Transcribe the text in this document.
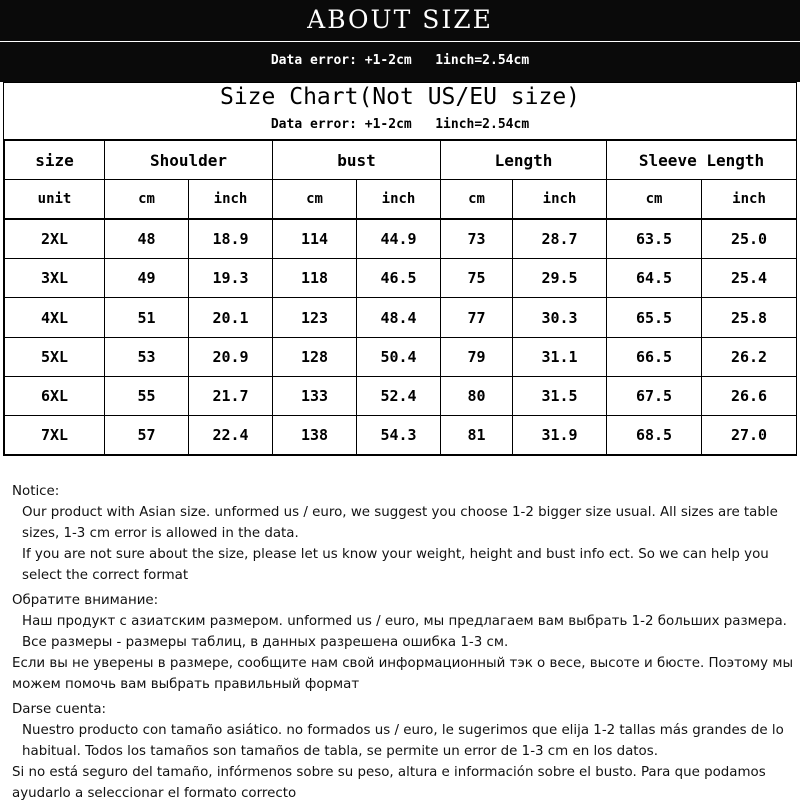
ABOUT SIZE
Data error: +1-2cm   1inch=2.54cm
Size Chart(Not US/EU size)
Data error: +1-2cm   1inch=2.54cm
size	Shoulder		bust		Length		Sleeve Length	
unit	cm	inch	cm	inch	cm	inch	cm	inch
2XL	48	18.9	114	44.9	73	28.7	63.5	25.0
3XL	49	19.3	118	46.5	75	29.5	64.5	25.4
4XL	51	20.1	123	48.4	77	30.3	65.5	25.8
5XL	53	20.9	128	50.4	79	31.1	66.5	26.2
6XL	55	21.7	133	52.4	80	31.5	67.5	26.6
7XL	57	22.4	138	54.3	81	31.9	68.5	27.0

Notice:

Our product with Asian size. unformed us / euro, we suggest you choose 1-2 bigger size usual. All sizes are table sizes, 1-3 cm error is allowed in the data.

If you are not sure about the size, please let us know your weight, height and bust info ect. So we can help you select the correct format

Обратите внимание:

Наш продукт с азиатским размером. unformed us / euro, мы предлагаем вам выбрать 1-2 больших размера. Все размеры - размеры таблиц, в данных разрешена ошибка 1-3 см.

Если вы не уверены в размере, сообщите нам свой информационный тэк о весе, высоте и бюсте. Поэтому мы можем помочь вам выбрать правильный формат

Darse cuenta:

Nuestro producto con tamaño asiático. no formados us / euro, le sugerimos que elija 1-2 tallas más grandes de lo habitual. Todos los tamaños son tamaños de tabla, se permite un error de 1-3 cm en los datos.

Si no está seguro del tamaño, infórmenos sobre su peso, altura e información sobre el busto. Para que podamos ayudarlo a seleccionar el formato correcto
